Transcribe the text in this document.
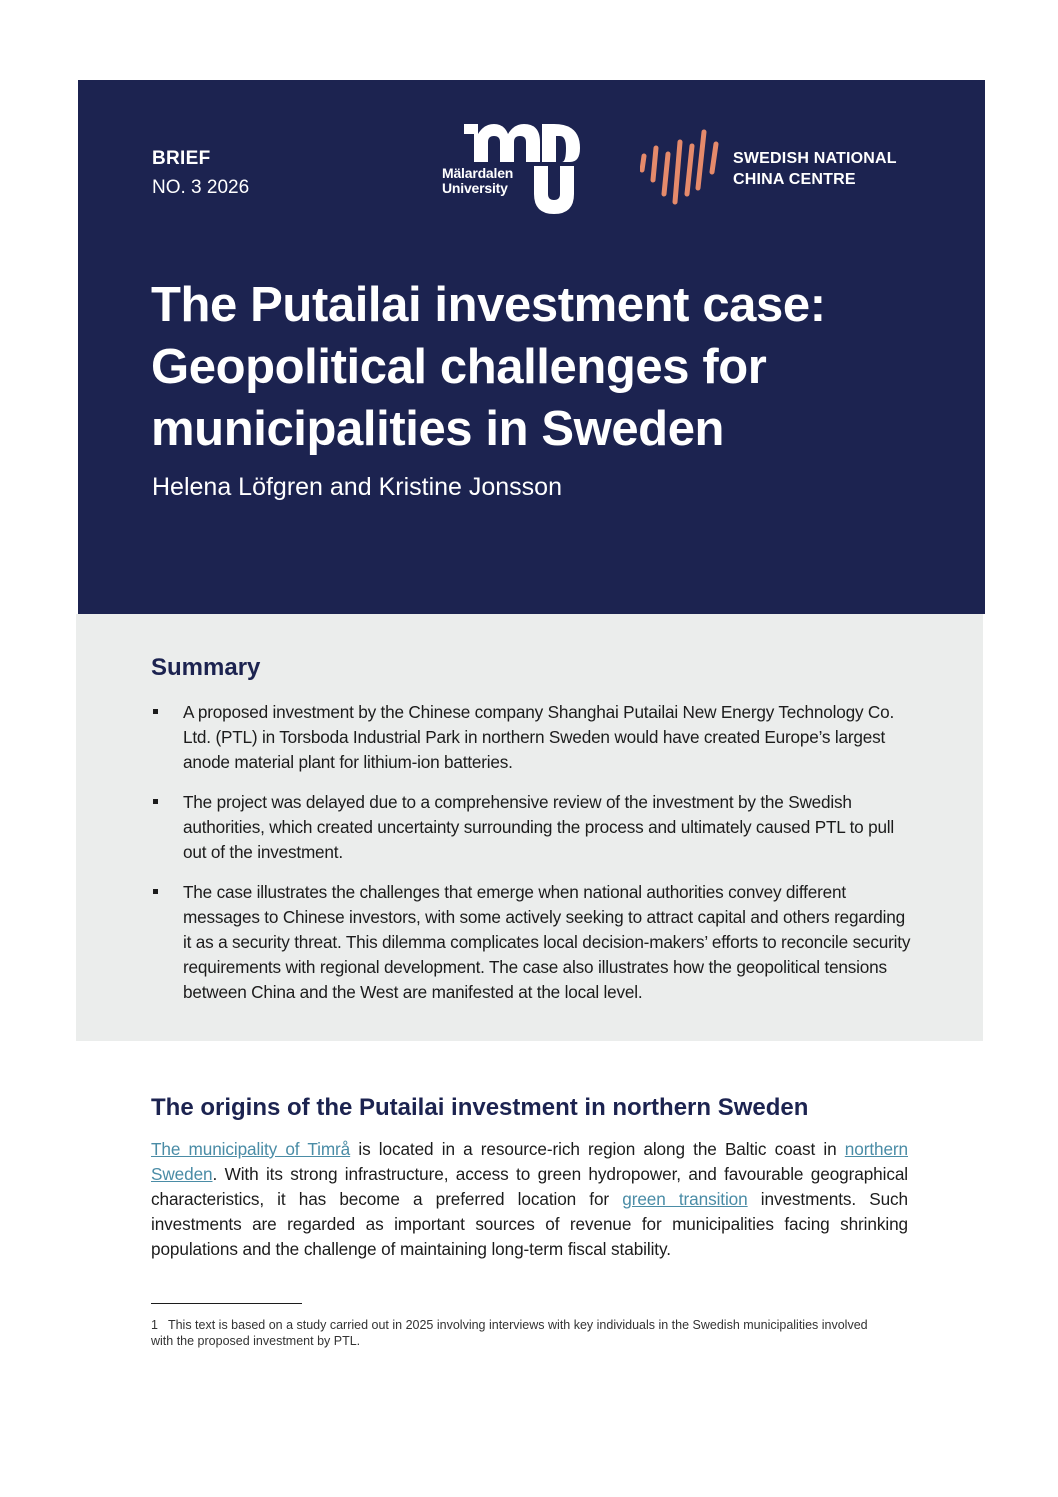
BRIEF
NO. 3 2026
Mälardalen
University
SWEDISH NATIONAL
CHINA CENTRE
The Putailai investment case:
Geopolitical challenges for
municipalities in Sweden
Helena Löfgren and Kristine Jonsson
Summary
A proposed investment by the Chinese company Shanghai Putailai New Energy Technology Co. Ltd. (PTL) in Torsboda Industrial Park in northern Sweden would have created Europe’s largest anode material plant for lithium-ion batteries.
The project was delayed due to a comprehensive review of the investment by the Swedish authorities, which created uncertainty surrounding the process and ultimately caused PTL to pull out of the investment.
The case illustrates the challenges that emerge when national authorities convey different messages to Chinese investors, with some actively seeking to attract capital and others regarding it as a security threat. This dilemma complicates local decision-makers’ efforts to reconcile security requirements with regional development. The case also illustrates how the geopolitical tensions between China and the West are manifested at the local level.
The origins of the Putailai investment in northern Sweden

The municipality of Timrå is located in a resource-rich region along the Baltic coast in northern Sweden. With its strong infrastructure, access to green hydropower, and favourable geographical characteristics, it has become a preferred location for green transition investments. Such investments are regarded as important sources of revenue for municipalities facing shrinking populations and the challenge of maintaining long-term fiscal stability.

1 This text is based on a study carried out in 2025 involving interviews with key individuals in the Swedish municipalities involved with the proposed investment by PTL.
